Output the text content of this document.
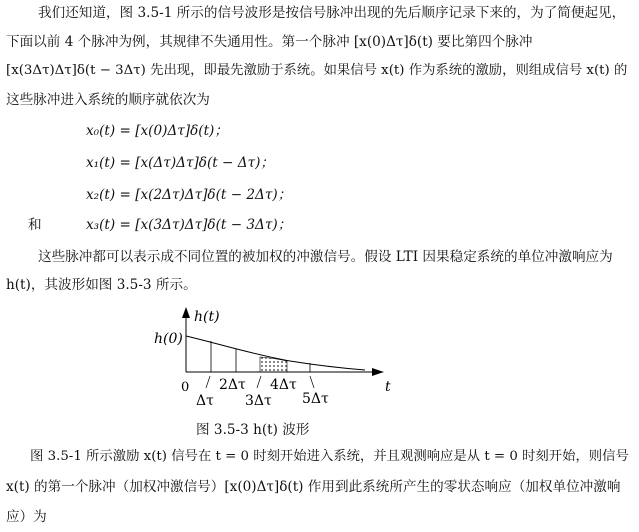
我们还知道，图 3.5-1 所示的信号波形是按信号脉冲出现的先后顺序记录下来的，为了简便起见，
下面以前 4 个脉冲为例，其规律不失通用性。第一个脉冲 [x(0)Δτ]δ(t) 要比第四个脉冲
[x(3Δτ)Δτ]δ(t − 3Δτ) 先出现，即最先激励于系统。如果信号 x(t) 作为系统的激励，则组成信号 x(t) 的
这些脉冲进入系统的顺序就依次为
x₀(t) = [x(0)Δτ]δ(t)；
x₁(t) = [x(Δτ)Δτ]δ(t − Δτ)；
x₂(t) = [x(2Δτ)Δτ]δ(t − 2Δτ)；
和	x₃(t) = [x(3Δτ)Δτ]δ(t − 3Δτ)；
这些脉冲都可以表示成不同位置的被加权的冲激信号。假设 LTI 因果稳定系统的单位冲激响应为
h(t)，其波形如图 3.5-3 所示。
h(t)
h(0)
0	t
Δτ
2Δτ
3Δτ
4Δτ
5Δτ
图 3.5-3 h(t) 波形
图 3.5-1 所示激励 x(t) 信号在 t = 0 时刻开始进入系统，并且观测响应是从 t = 0 时刻开始，则信号
x(t) 的第一个脉冲（加权冲激信号）[x(0)Δτ]δ(t) 作用到此系统所产生的零状态响应（加权单位冲激响
应）为
